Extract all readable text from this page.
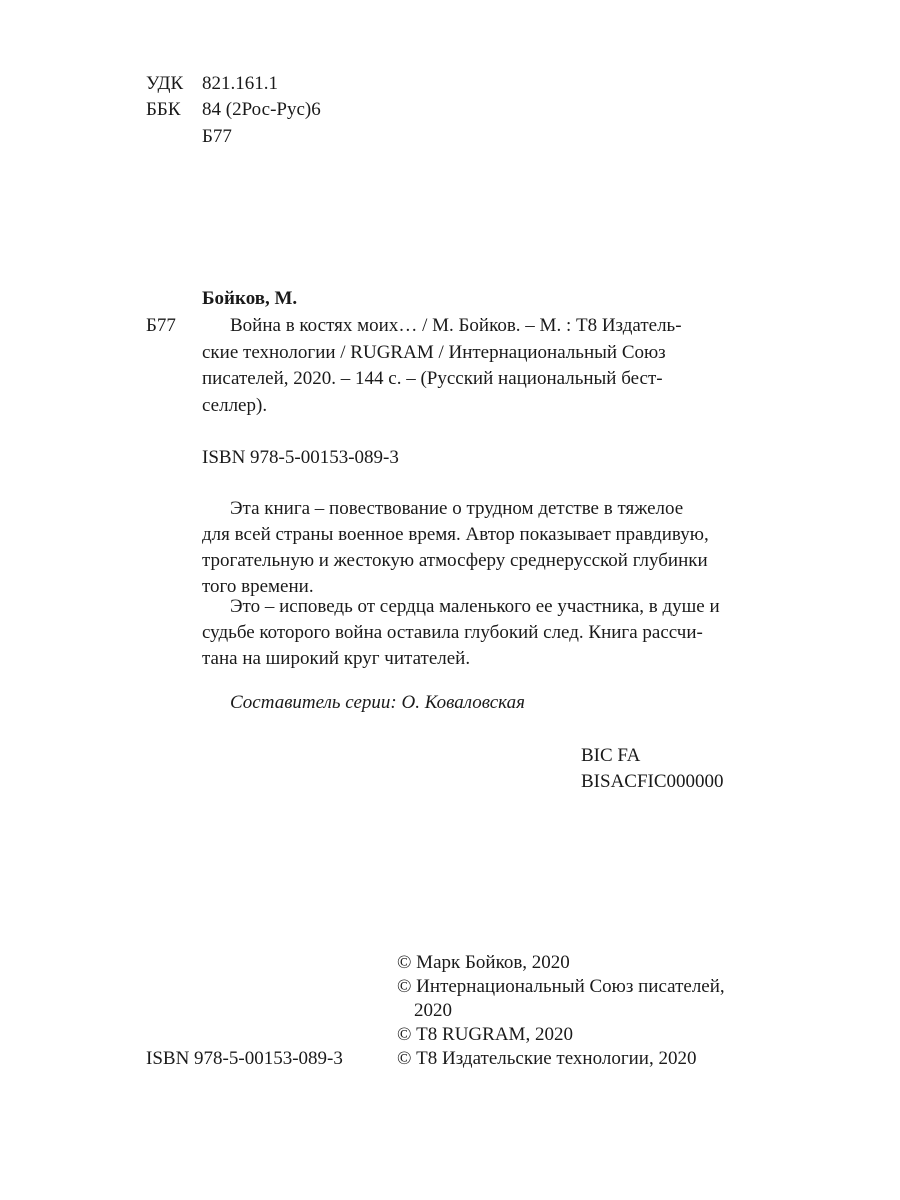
УДК 821.161.1
ББК 84 (2Рос-Рус)6
Б77
Бойков, М.
Б77	Война в костях моих… / М. Бойков. – М. : Т8 Издатель-
ские технологии / RUGRAM / Интернациональный Союз
писателей, 2020. – 144 с. – (Русский национальный бест-
селлер).
ISBN 978-5-00153-089-3
Эта книга – повествование о трудном детстве в тяжелое
для всей страны военное время. Автор показывает правдивую,
трогательную и жестокую атмосферу среднерусской глубинки
того времени.
Это – исповедь от сердца маленького ее участника, в душе и
судьбе которого война оставила глубокий след. Книга рассчи-
тана на широкий круг читателей.
Составитель серии: О. Коваловская
BIC FA
BISACFIC000000
© Марк Бойков, 2020
© Интернациональный Союз писателей,
2020
© Т8 RUGRAM, 2020
© Т8 Издательские технологии, 2020
ISBN 978-5-00153-089-3
